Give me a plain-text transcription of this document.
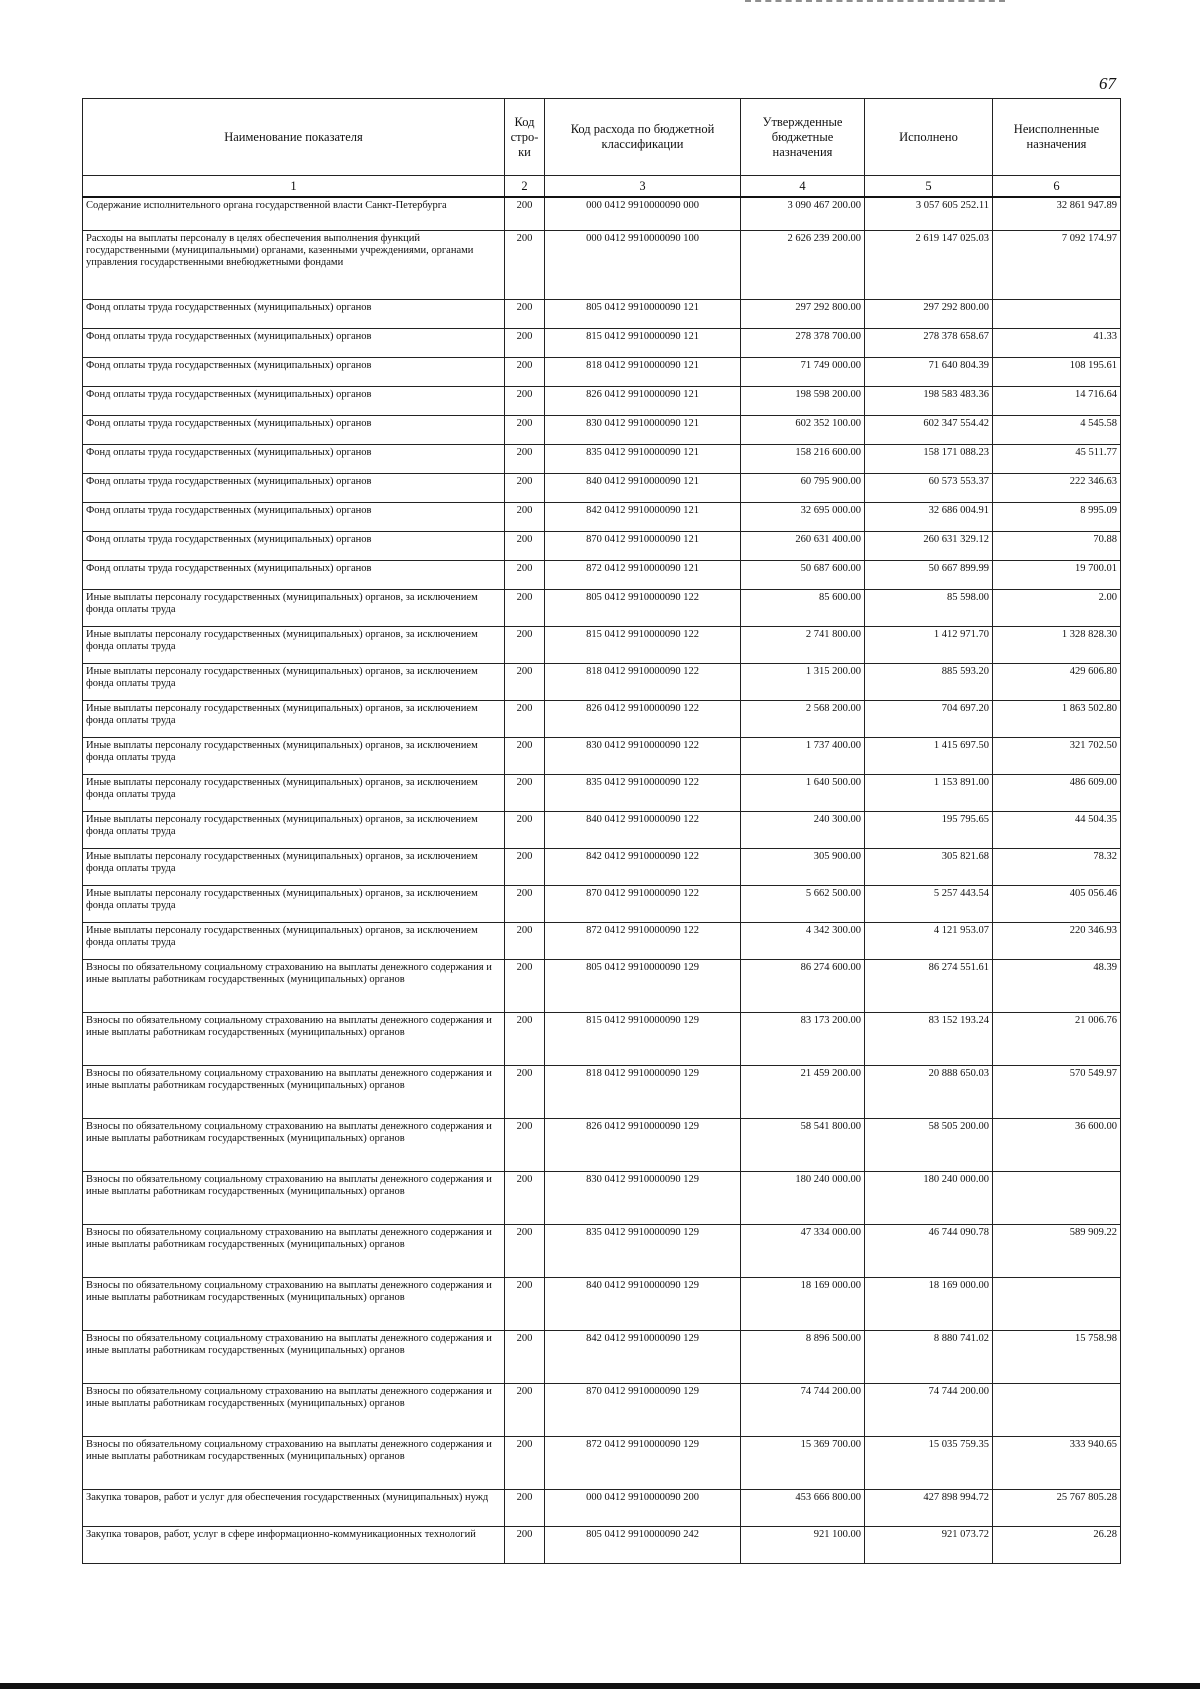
67
Наименование показателя	Код стро-ки	Код расхода по бюджетной классификации	Утвержденные бюджетные назначения	Исполнено	Неисполненные назначения
1	2	3	4	5	6
Содержание исполнительного органа государственной власти Санкт-Петербурга	200	000 0412 9910000090 000	3 090 467 200.00	3 057 605 252.11	32 861 947.89
Расходы на выплаты персоналу в целях обеспечения выполнения функций государственными (муниципальными) органами, казенными учреждениями, органами управления государственными внебюджетными фондами	200	000 0412 9910000090 100	2 626 239 200.00	2 619 147 025.03	7 092 174.97
Фонд оплаты труда государственных (муниципальных) органов	200	805 0412 9910000090 121	297 292 800.00	297 292 800.00	
Фонд оплаты труда государственных (муниципальных) органов	200	815 0412 9910000090 121	278 378 700.00	278 378 658.67	41.33
Фонд оплаты труда государственных (муниципальных) органов	200	818 0412 9910000090 121	71 749 000.00	71 640 804.39	108 195.61
Фонд оплаты труда государственных (муниципальных) органов	200	826 0412 9910000090 121	198 598 200.00	198 583 483.36	14 716.64
Фонд оплаты труда государственных (муниципальных) органов	200	830 0412 9910000090 121	602 352 100.00	602 347 554.42	4 545.58
Фонд оплаты труда государственных (муниципальных) органов	200	835 0412 9910000090 121	158 216 600.00	158 171 088.23	45 511.77
Фонд оплаты труда государственных (муниципальных) органов	200	840 0412 9910000090 121	60 795 900.00	60 573 553.37	222 346.63
Фонд оплаты труда государственных (муниципальных) органов	200	842 0412 9910000090 121	32 695 000.00	32 686 004.91	8 995.09
Фонд оплаты труда государственных (муниципальных) органов	200	870 0412 9910000090 121	260 631 400.00	260 631 329.12	70.88
Фонд оплаты труда государственных (муниципальных) органов	200	872 0412 9910000090 121	50 687 600.00	50 667 899.99	19 700.01
Иные выплаты персоналу государственных (муниципальных) органов, за исключением фонда оплаты труда	200	805 0412 9910000090 122	85 600.00	85 598.00	2.00
Иные выплаты персоналу государственных (муниципальных) органов, за исключением фонда оплаты труда	200	815 0412 9910000090 122	2 741 800.00	1 412 971.70	1 328 828.30
Иные выплаты персоналу государственных (муниципальных) органов, за исключением фонда оплаты труда	200	818 0412 9910000090 122	1 315 200.00	885 593.20	429 606.80
Иные выплаты персоналу государственных (муниципальных) органов, за исключением фонда оплаты труда	200	826 0412 9910000090 122	2 568 200.00	704 697.20	1 863 502.80
Иные выплаты персоналу государственных (муниципальных) органов, за исключением фонда оплаты труда	200	830 0412 9910000090 122	1 737 400.00	1 415 697.50	321 702.50
Иные выплаты персоналу государственных (муниципальных) органов, за исключением фонда оплаты труда	200	835 0412 9910000090 122	1 640 500.00	1 153 891.00	486 609.00
Иные выплаты персоналу государственных (муниципальных) органов, за исключением фонда оплаты труда	200	840 0412 9910000090 122	240 300.00	195 795.65	44 504.35
Иные выплаты персоналу государственных (муниципальных) органов, за исключением фонда оплаты труда	200	842 0412 9910000090 122	305 900.00	305 821.68	78.32
Иные выплаты персоналу государственных (муниципальных) органов, за исключением фонда оплаты труда	200	870 0412 9910000090 122	5 662 500.00	5 257 443.54	405 056.46
Иные выплаты персоналу государственных (муниципальных) органов, за исключением фонда оплаты труда	200	872 0412 9910000090 122	4 342 300.00	4 121 953.07	220 346.93
Взносы по обязательному социальному страхованию на выплаты денежного содержания и иные выплаты работникам государственных (муниципальных) органов	200	805 0412 9910000090 129	86 274 600.00	86 274 551.61	48.39
Взносы по обязательному социальному страхованию на выплаты денежного содержания и иные выплаты работникам государственных (муниципальных) органов	200	815 0412 9910000090 129	83 173 200.00	83 152 193.24	21 006.76
Взносы по обязательному социальному страхованию на выплаты денежного содержания и иные выплаты работникам государственных (муниципальных) органов	200	818 0412 9910000090 129	21 459 200.00	20 888 650.03	570 549.97
Взносы по обязательному социальному страхованию на выплаты денежного содержания и иные выплаты работникам государственных (муниципальных) органов	200	826 0412 9910000090 129	58 541 800.00	58 505 200.00	36 600.00
Взносы по обязательному социальному страхованию на выплаты денежного содержания и иные выплаты работникам государственных (муниципальных) органов	200	830 0412 9910000090 129	180 240 000.00	180 240 000.00	
Взносы по обязательному социальному страхованию на выплаты денежного содержания и иные выплаты работникам государственных (муниципальных) органов	200	835 0412 9910000090 129	47 334 000.00	46 744 090.78	589 909.22
Взносы по обязательному социальному страхованию на выплаты денежного содержания и иные выплаты работникам государственных (муниципальных) органов	200	840 0412 9910000090 129	18 169 000.00	18 169 000.00	
Взносы по обязательному социальному страхованию на выплаты денежного содержания и иные выплаты работникам государственных (муниципальных) органов	200	842 0412 9910000090 129	8 896 500.00	8 880 741.02	15 758.98
Взносы по обязательному социальному страхованию на выплаты денежного содержания и иные выплаты работникам государственных (муниципальных) органов	200	870 0412 9910000090 129	74 744 200.00	74 744 200.00	
Взносы по обязательному социальному страхованию на выплаты денежного содержания и иные выплаты работникам государственных (муниципальных) органов	200	872 0412 9910000090 129	15 369 700.00	15 035 759.35	333 940.65
Закупка товаров, работ и услуг для обеспечения государственных (муниципальных) нужд	200	000 0412 9910000090 200	453 666 800.00	427 898 994.72	25 767 805.28
Закупка товаров, работ, услуг в сфере информационно-коммуникационных технологий	200	805 0412 9910000090 242	921 100.00	921 073.72	26.28
